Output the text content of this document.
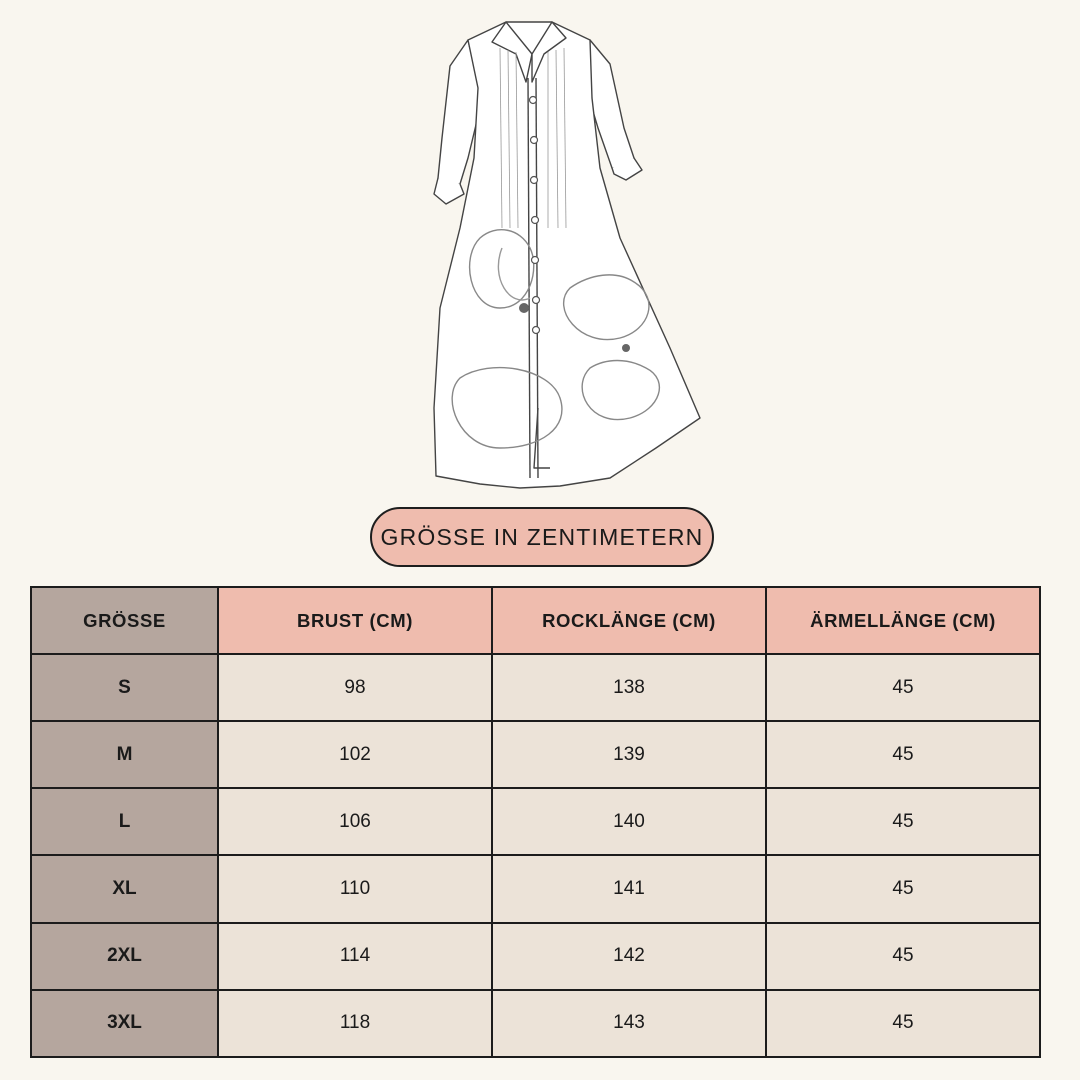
GRÖSSE IN ZENTIMETERN
GRÖSSE	BRUST (CM)	ROCKLÄNGE (CM)	ÄRMELLÄNGE (CM)
S	98	138	45
M	102	139	45
L	106	140	45
XL	110	141	45
2XL	114	142	45
3XL	118	143	45
